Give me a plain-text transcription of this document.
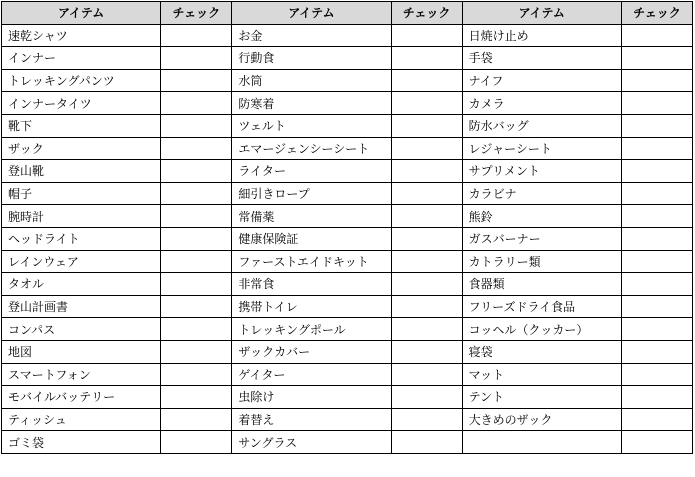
アイテム	チェック	アイテム	チェック	アイテム	チェック
速乾シャツ		お金		日焼け止め	
インナー		行動食		手袋	
トレッキングパンツ		水筒		ナイフ	
インナータイツ		防寒着		カメラ	
靴下		ツェルト		防水バッグ	
ザック		エマージェンシーシート		レジャーシート	
登山靴		ライター		サプリメント	
帽子		細引きロープ		カラビナ	
腕時計		常備薬		熊鈴	
ヘッドライト		健康保険証		ガスバーナー	
レインウェア		ファーストエイドキット		カトラリー類	
タオル		非常食		食器類	
登山計画書		携帯トイレ		フリーズドライ食品	
コンパス		トレッキングポール		コッヘル（クッカー）	
地図		ザックカバー		寝袋	
スマートフォン		ゲイター		マット	
モバイルバッテリー		虫除け		テント	
ティッシュ		着替え		大きめのザック	
ゴミ袋		サングラス			
